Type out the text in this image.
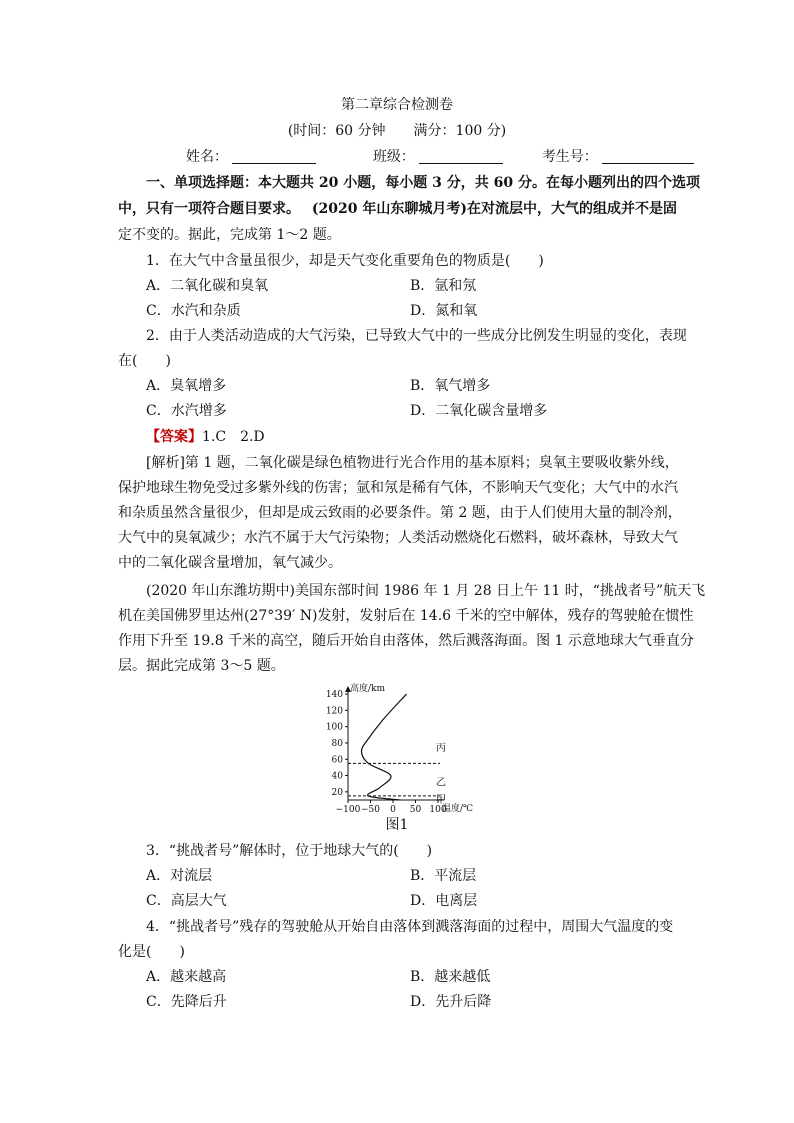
第二章综合检测卷
(时间：60 分钟　　满分：100 分)
姓名：	班级：	考生号：
一、单项选择题：本大题共 20 小题，每小题 3 分，共 60 分。在每小题列出的四个选项
中，只有一项符合题目要求。　 (2020 年山东聊城月考)在对流层中，大气的组成并不是固
定不变的。据此，完成第 1～2 题。
1．在大气中含量虽很少，却是天气变化重要角色的物质是(　　)
A．二氧化碳和臭氧	B．氩和氖
C．水汽和杂质	D．氮和氧
2．由于人类活动造成的大气污染，已导致大气中的一些成分比例发生明显的变化，表现
在(　　)
A．臭氧增多	B．氧气增多
C．水汽增多	D．二氧化碳含量增多
【答案】1.C　2.D
[解析]第 1 题，二氧化碳是绿色植物进行光合作用的基本原料；臭氧主要吸收紫外线，
保护地球生物免受过多紫外线的伤害；氩和氖是稀有气体，不影响天气变化；大气中的水汽
和杂质虽然含量很少，但却是成云致雨的必要条件。第 2 题，由于人们使用大量的制冷剂，
大气中的臭氧减少；水汽不属于大气污染物；人类活动燃烧化石燃料，破坏森林，导致大气
中的二氧化碳含量增加，氧气减少。
(2020 年山东潍坊期中)美国东部时间 1986 年 1 月 28 日上午 11 时，“挑战者号”航天飞
机在美国佛罗里达州(27°39′ N)发射，发射后在 14.6 千米的空中解体，残存的驾驶舱在惯性
作用下升至 19.8 千米的高空，随后开始自由落体，然后溅落海面。图 1 示意地球大气垂直分
层。据此完成第 3～5 题。
高度/km
温度/℃
20
40
60
80
100
120
140
−100 −50 0 50 100
甲
乙
丙
图1
3．“挑战者号”解体时，位于地球大气的(　　)
A．对流层	B．平流层
C．高层大气	D．电离层
4．“挑战者号”残存的驾驶舱从开始自由落体到溅落海面的过程中，周围大气温度的变
化是(　　)
A．越来越高	B．越来越低
C．先降后升	D．先升后降
